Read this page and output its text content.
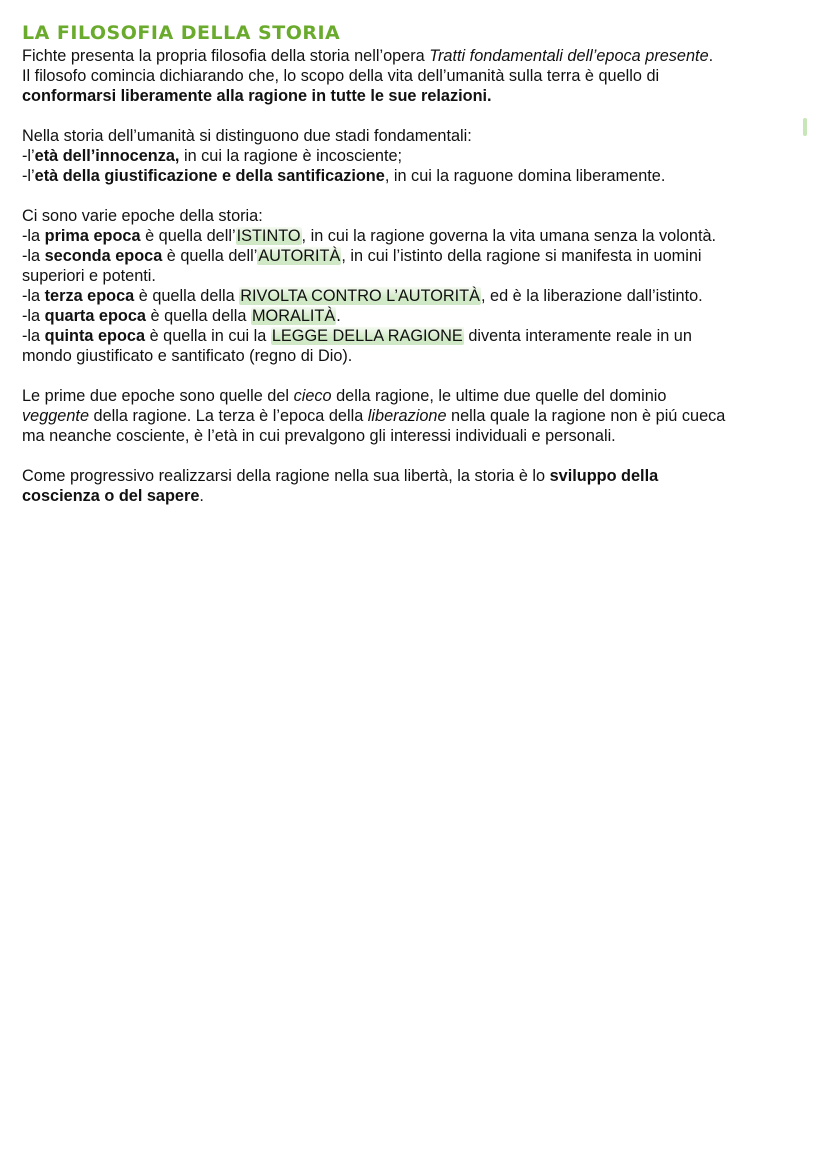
LA FILOSOFIA DELLA STORIA

Fichte presenta la propria filosofia della storia nell’opera Tratti fondamentali dell’epoca presente.

Il filosofo comincia dichiarando che, lo scopo della vita dell’umanità sulla terra è quello di

conformarsi liberamente alla ragione in tutte le sue relazioni.

Nella storia dell’umanità si distinguono due stadi fondamentali:

-l’età dell’innocenza, in cui la ragione è incosciente;

-l’età della giustificazione e della santificazione, in cui la raguone domina liberamente.

Ci sono varie epoche della storia:

-la prima epoca è quella dell’ISTINTO, in cui la ragione governa la vita umana senza la volontà.

-la seconda epoca è quella dell’AUTORITÀ, in cui l’istinto della ragione si manifesta in uomini

superiori e potenti.

-la terza epoca è quella della RIVOLTA CONTRO L’AUTORITÀ, ed è la liberazione dall’istinto.

-la quarta epoca è quella della MORALITÀ.

-la quinta epoca è quella in cui la LEGGE DELLA RAGIONE diventa interamente reale in un

mondo giustificato e santificato (regno di Dio).

Le prime due epoche sono quelle del cieco della ragione, le ultime due quelle del dominio

veggente della ragione. La terza è l’epoca della liberazione nella quale la ragione non è piú cueca

ma neanche cosciente, è l’età in cui prevalgono gli interessi individuali e personali.

Come progressivo realizzarsi della ragione nella sua libertà, la storia è lo sviluppo della

coscienza o del sapere.
